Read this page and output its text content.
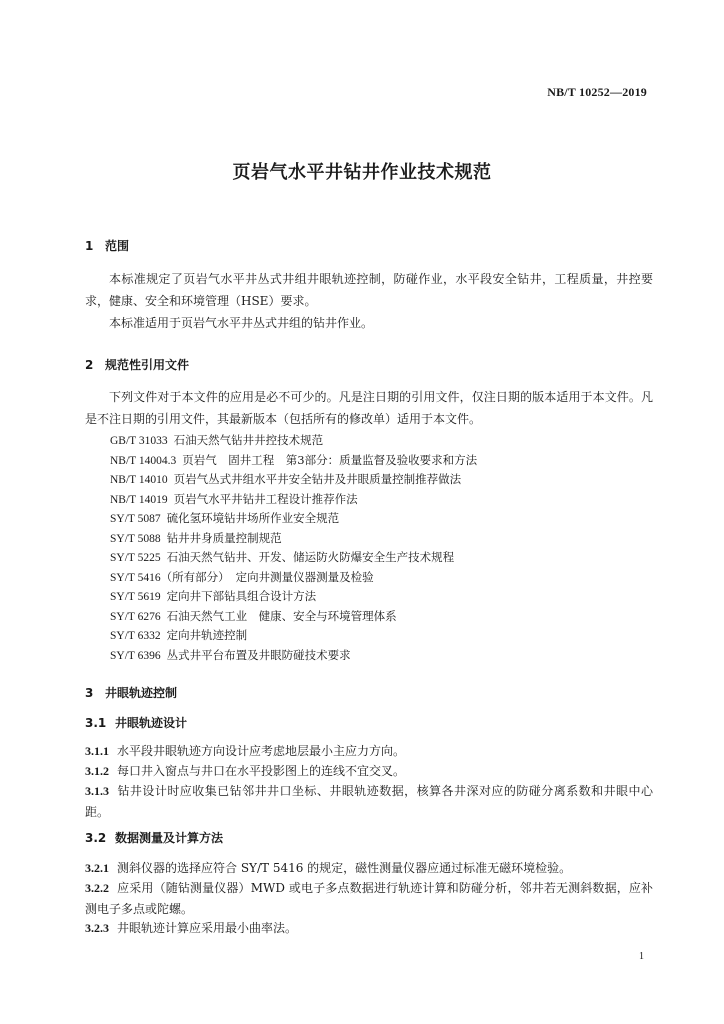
NB/T 10252—2019
页岩气水平井钻井作业技术规范
1 范围
本标准规定了页岩气水平井丛式井组井眼轨迹控制，防碰作业，水平段安全钻井，工程质量，井控要求，健康、安全和环境管理（HSE）要求。
本标准适用于页岩气水平井丛式井组的钻井作业。
2 规范性引用文件
下列文件对于本文件的应用是必不可少的。凡是注日期的引用文件，仅注日期的版本适用于本文件。凡是不注日期的引用文件，其最新版本（包括所有的修改单）适用于本文件。
GB/T 31033 石油天然气钻井井控技术规范
NB/T 14004.3 页岩气　固井工程　第3部分：质量监督及验收要求和方法
NB/T 14010 页岩气丛式井组水平井安全钻井及井眼质量控制推荐做法
NB/T 14019 页岩气水平井钻井工程设计推荐作法
SY/T 5087 硫化氢环境钻井场所作业安全规范
SY/T 5088 钻井井身质量控制规范
SY/T 5225 石油天然气钻井、开发、储运防火防爆安全生产技术规程
SY/T 5416（所有部分） 定向井测量仪器测量及检验
SY/T 5619 定向井下部钻具组合设计方法
SY/T 6276 石油天然气工业　健康、安全与环境管理体系
SY/T 6332 定向井轨迹控制
SY/T 6396 丛式井平台布置及井眼防碰技术要求
3 井眼轨迹控制
3.1 井眼轨迹设计
3.1.1 水平段井眼轨迹方向设计应考虑地层最小主应力方向。
3.1.2 每口井入窗点与井口在水平投影图上的连线不宜交叉。
3.1.3 钻井设计时应收集已钻邻井井口坐标、井眼轨迹数据，核算各井深对应的防碰分离系数和井眼中心距。
3.2 数据测量及计算方法
3.2.1 测斜仪器的选择应符合 SY/T 5416 的规定，磁性测量仪器应通过标准无磁环境检验。
3.2.2 应采用（随钻测量仪器）MWD 或电子多点数据进行轨迹计算和防碰分析，邻井若无测斜数据，应补测电子多点或陀螺。
3.2.3 井眼轨迹计算应采用最小曲率法。
1
